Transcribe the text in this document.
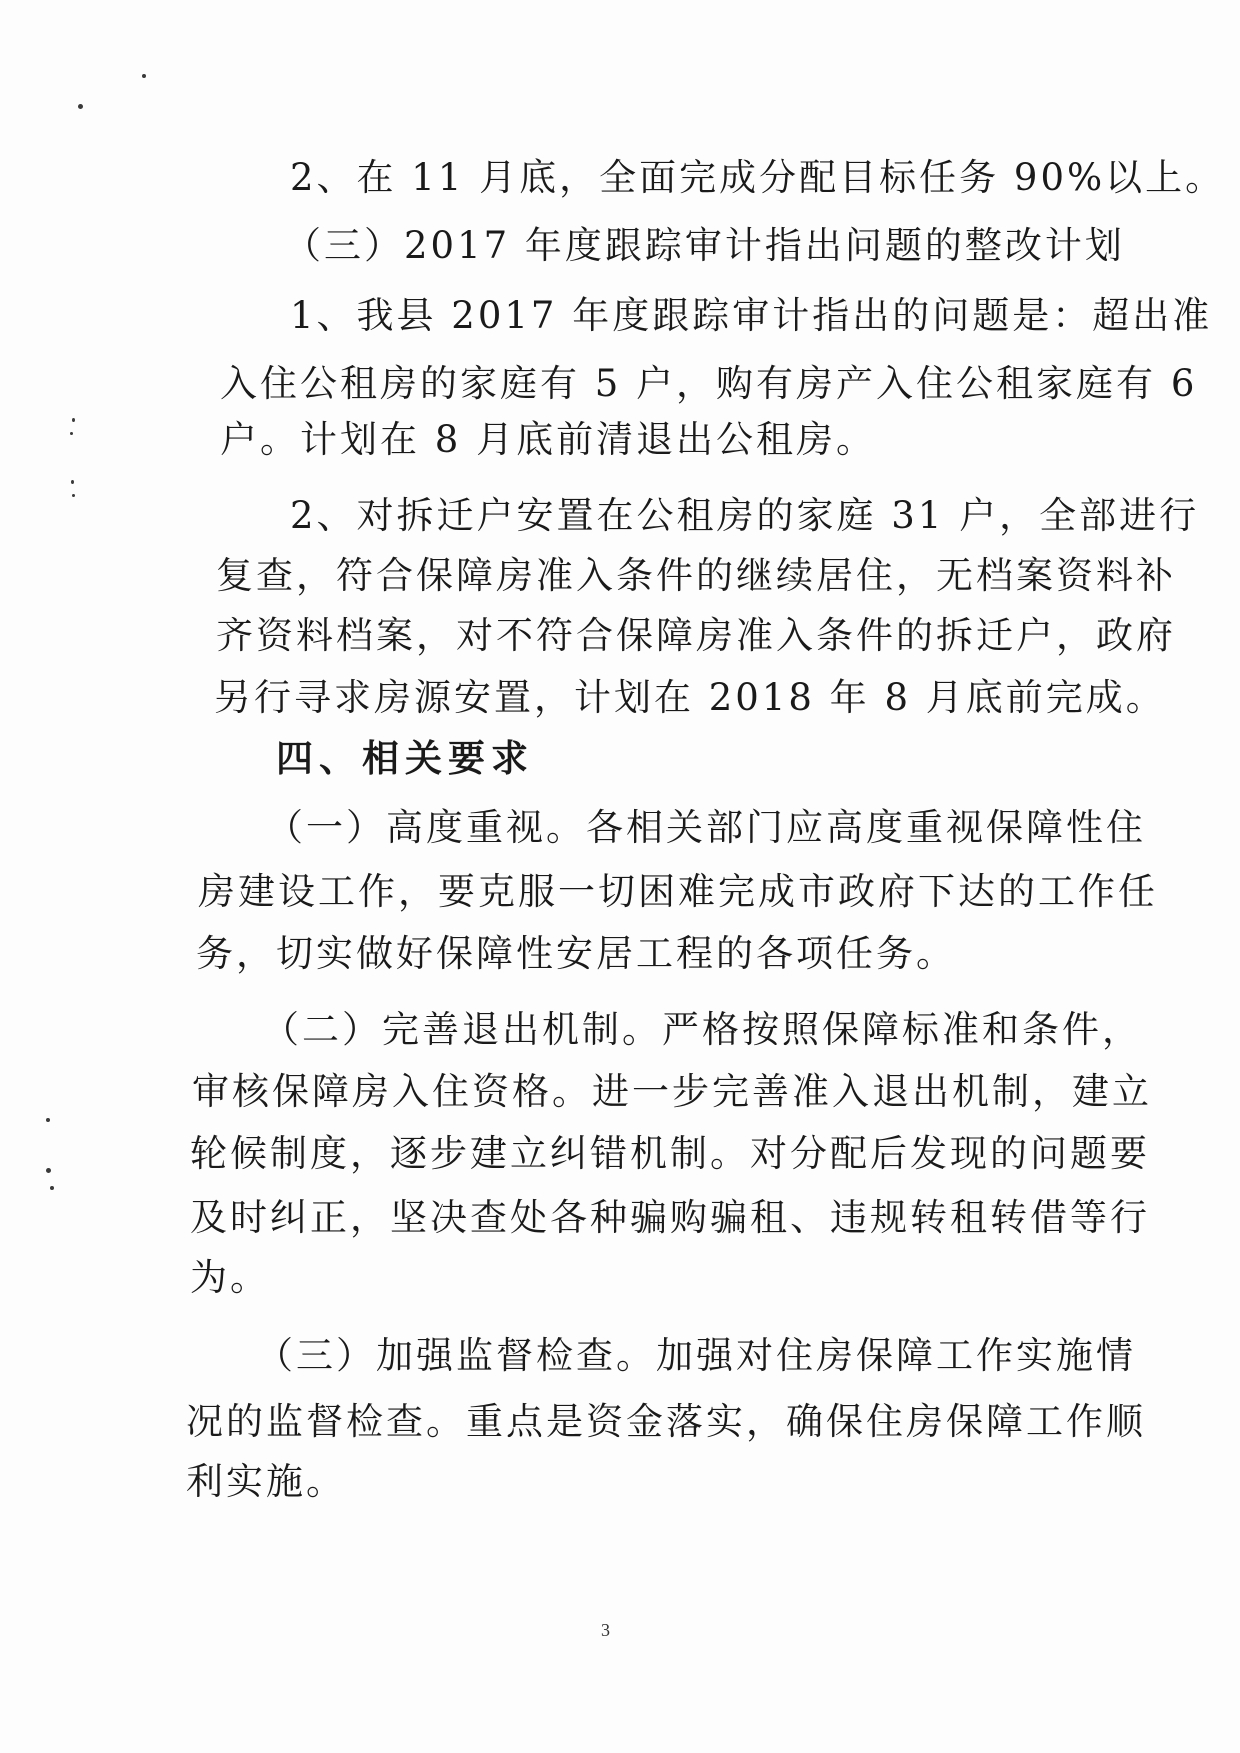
2、在 11 月底，全面完成分配目标任务 90%以上。
（三）2017 年度跟踪审计指出问题的整改计划
1、我县 2017 年度跟踪审计指出的问题是：超出准
入住公租房的家庭有 5 户，购有房产入住公租家庭有 6
户。计划在 8 月底前清退出公租房。
2、对拆迁户安置在公租房的家庭 31 户，全部进行
复查，符合保障房准入条件的继续居住，无档案资料补
齐资料档案，对不符合保障房准入条件的拆迁户，政府
另行寻求房源安置，计划在 2018 年 8 月底前完成。
四、相关要求
（一）高度重视。各相关部门应高度重视保障性住
房建设工作，要克服一切困难完成市政府下达的工作任
务，切实做好保障性安居工程的各项任务。
（二）完善退出机制。严格按照保障标准和条件，
审核保障房入住资格。进一步完善准入退出机制，建立
轮候制度，逐步建立纠错机制。对分配后发现的问题要
及时纠正，坚决查处各种骗购骗租、违规转租转借等行
为。
（三）加强监督检查。加强对住房保障工作实施情
况的监督检查。重点是资金落实，确保住房保障工作顺
利实施。
3
